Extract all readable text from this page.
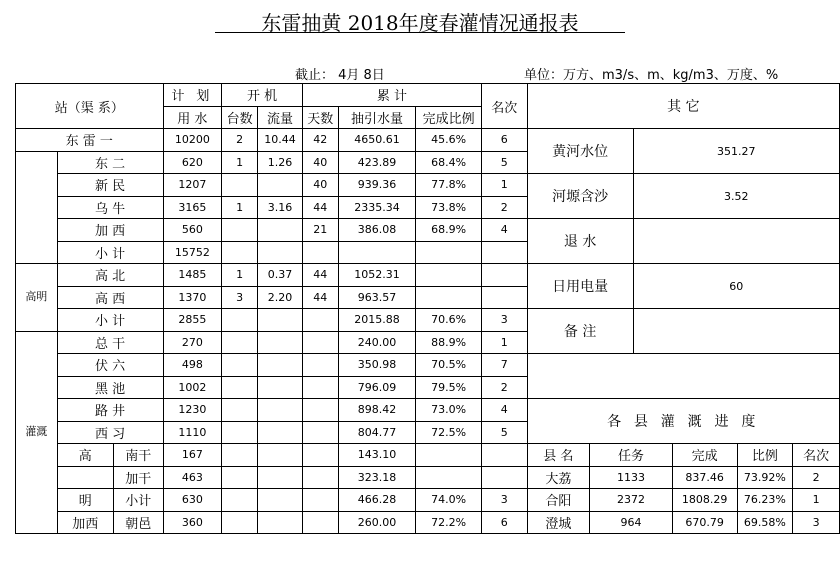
东雷抽黄 2018年度春灌情况通报表
截止： 4月 8日	单位：万方、m3/s、m、kg/m3、万度、%
站（渠 系）			计 划	开 机		累 计			名次	其 它					
			用 水	台数	流量	天数	抽引水量	完成比例							
东 雷 一			10200	2	10.44	42	4650.61	45.6%	6	黄河水位		351.27			
	东 二		620	1	1.26	40	423.89	68.4%	5						
	新 民		1207			40	939.36	77.8%	1	河塬含沙		3.52			
	乌 牛		3165	1	3.16	44	2335.34	73.8%	2						
	加 西		560			21	386.08	68.9%	4	退 水					
	小 计		15752												
高明	高 北		1485	1	0.37	44	1052.31			日用电量		60			
	高 西		1370	3	2.20	44	963.57								
	小 计		2855				2015.88	70.6%	3	备 注					
灌溉	总 干		270				240.00	88.9%	1						
	伏 六		498				350.98	70.5%	7						
	黑 池		1002				796.09	79.5%	2						
	路 井		1230				898.42	73.0%	4	各 县 灌 溉 进 度					
	西 习		1110				804.77	72.5%	5						
	高	南干	167				143.10			县 名	任务		完成	比例	名次
		加干	463				323.18			大荔	1133		837.46	73.92%	2
	明	小计	630				466.28	74.0%	3	合阳	2372		1808.29	76.23%	1
	加西	朝邑	360				260.00	72.2%	6	澄城	964		670.79	69.58%	3
